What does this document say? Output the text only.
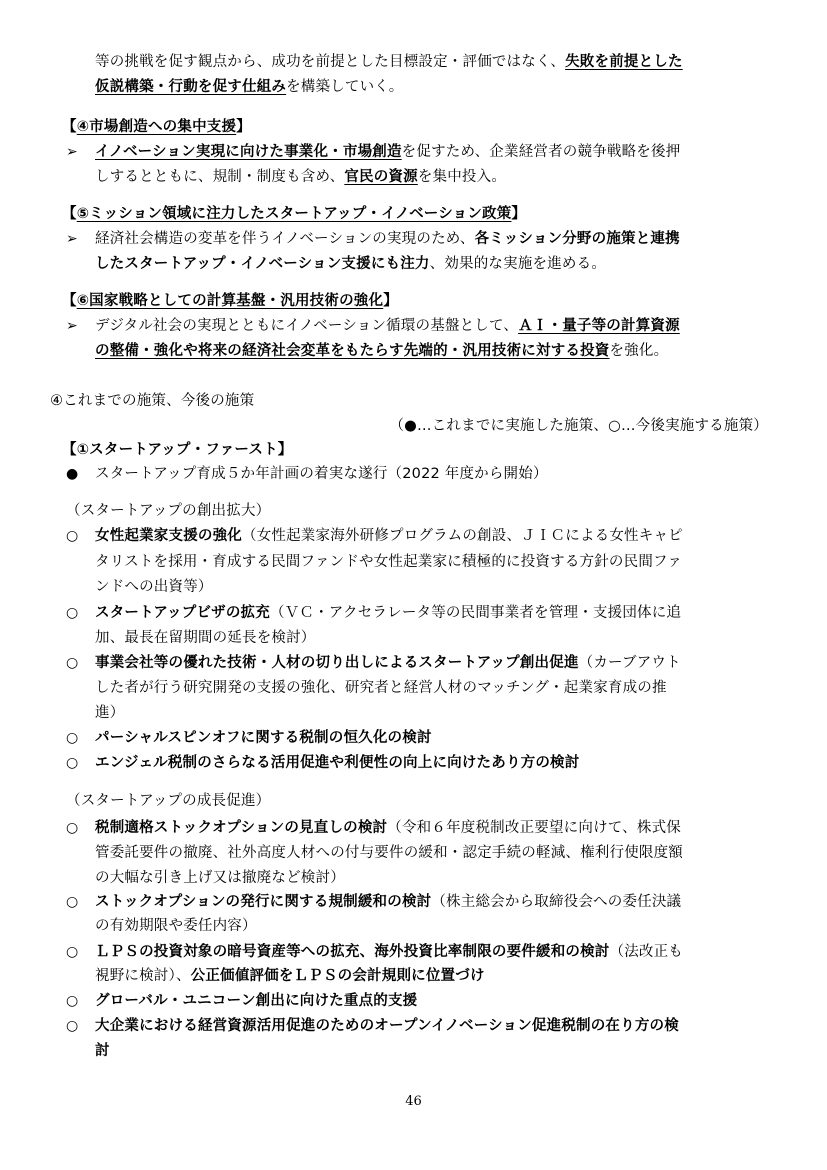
等の挑戦を促す観点から、成功を前提とした目標設定・評価ではなく、失敗を前提とした
仮説構築・行動を促す仕組みを構築していく。
【④市場創造への集中支援】
➢ イノベーション実現に向けた事業化・市場創造を促すため、企業経営者の競争戦略を後押
しするとともに、規制・制度も含め、官民の資源を集中投入。
【⑤ミッション領域に注力したスタートアップ・イノベーション政策】
➢ 経済社会構造の変革を伴うイノベーションの実現のため、各ミッション分野の施策と連携
したスタートアップ・イノベーション支援にも注力、効果的な実施を進める。
【⑥国家戦略としての計算基盤・汎用技術の強化】
➢ デジタル社会の実現とともにイノベーション循環の基盤として、ＡＩ・量子等の計算資源
の整備・強化や将来の経済社会変革をもたらす先端的・汎用技術に対する投資を強化。
④これまでの施策、今後の施策
（●…これまでに実施した施策、○…今後実施する施策）
【①スタートアップ・ファースト】
● スタートアップ育成５か年計画の着実な遂行（2022 年度から開始）
（スタートアップの創出拡大）
○ 女性起業家支援の強化（女性起業家海外研修プログラムの創設、ＪＩＣによる女性キャピ
タリストを採用・育成する民間ファンドや女性起業家に積極的に投資する方針の民間ファ
ンドへの出資等）
○ スタートアップビザの拡充（ＶＣ・アクセラレータ等の民間事業者を管理・支援団体に追
加、最長在留期間の延長を検討）
○ 事業会社等の優れた技術・人材の切り出しによるスタートアップ創出促進（カーブアウト
した者が行う研究開発の支援の強化、研究者と経営人材のマッチング・起業家育成の推
進）
○ パーシャルスピンオフに関する税制の恒久化の検討
○ エンジェル税制のさらなる活用促進や利便性の向上に向けたあり方の検討
（スタートアップの成長促進）
○ 税制適格ストックオプションの見直しの検討（令和６年度税制改正要望に向けて、株式保
管委託要件の撤廃、社外高度人材への付与要件の緩和・認定手続の軽減、権利行使限度額
の大幅な引き上げ又は撤廃など検討）
○ ストックオプションの発行に関する規制緩和の検討（株主総会から取締役会への委任決議
の有効期限や委任内容）
○ ＬＰＳの投資対象の暗号資産等への拡充、海外投資比率制限の要件緩和の検討（法改正も
視野に検討）、公正価値評価をＬＰＳの会計規則に位置づけ
○ グローバル・ユニコーン創出に向けた重点的支援
○ 大企業における経営資源活用促進のためのオープンイノベーション促進税制の在り方の検
討
46
